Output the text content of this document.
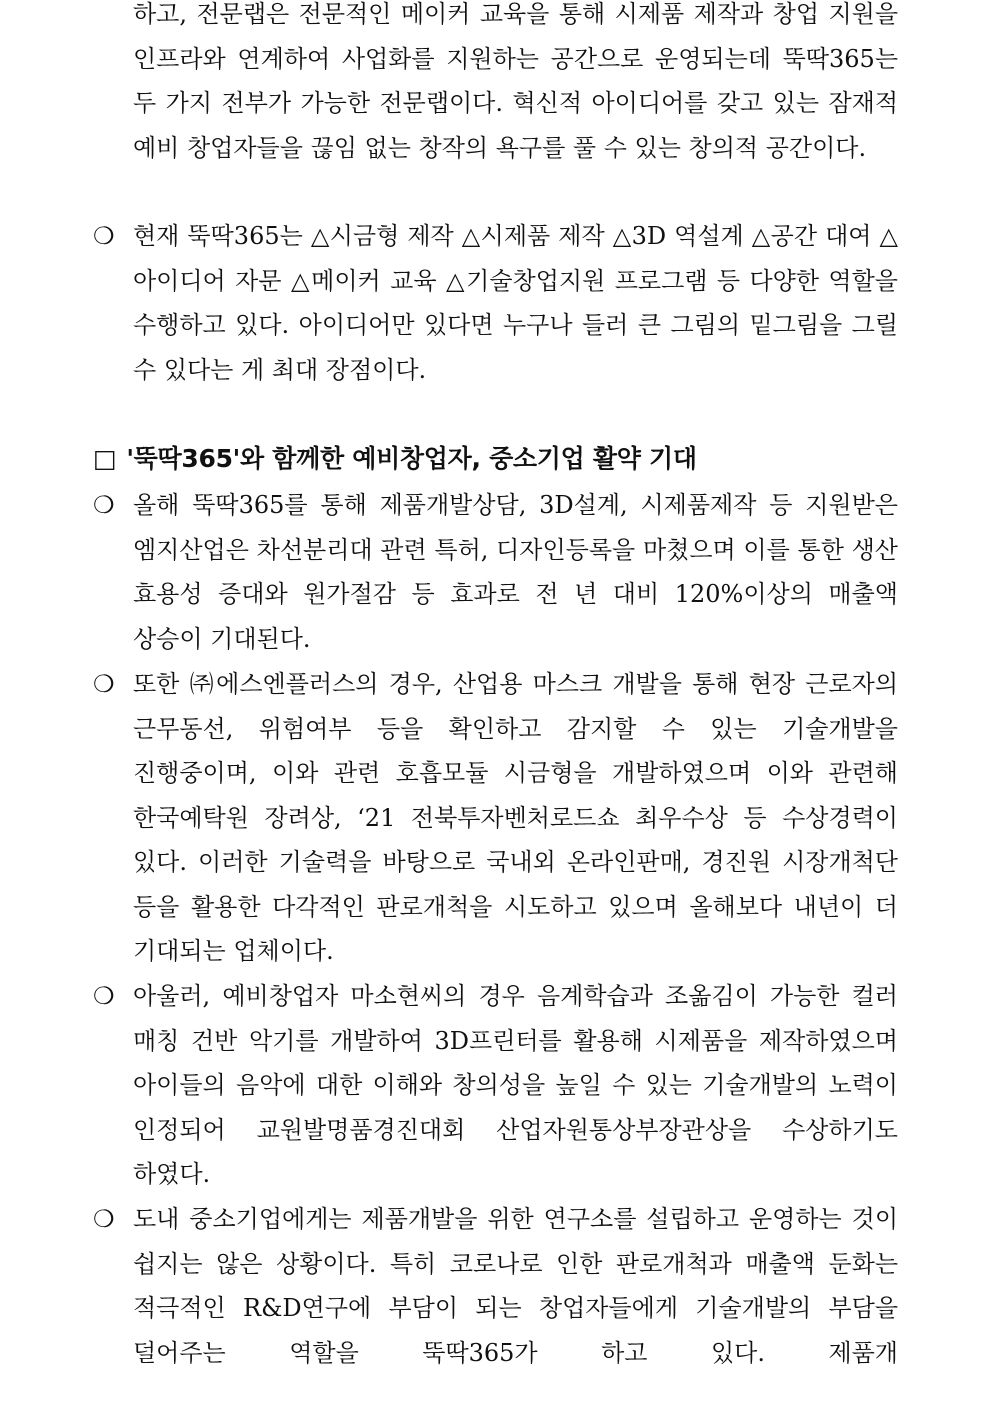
하고, 전문랩은 전문적인 메이커 교육을 통해 시제품 제작과 창업 지원을 인프라와 연계하여 사업화를 지원하는 공간으로 운영되는데 뚝딱365는 두 가지 전부가 가능한 전문랩이다. 혁신적 아이디어를 갖고 있는 잠재적 예비 창업자들을 끊임 없는 창작의 욕구를 풀 수 있는 창의적 공간이다.
❍ 현재 뚝딱365는 △시금형 제작 △시제품 제작 △3D 역설계 △공간 대여 △아이디어 자문 △메이커 교육 △기술창업지원 프로그램 등 다양한 역할을 수행하고 있다. 아이디어만 있다면 누구나 들러 큰 그림의 밑그림을 그릴 수 있다는 게 최대 장점이다.
□ '뚝딱365'와 함께한 예비창업자, 중소기업 활약 기대
❍ 올해 뚝딱365를 통해 제품개발상담, 3D설계, 시제품제작 등 지원받은 엠지산업은 차선분리대 관련 특허, 디자인등록을 마쳤으며 이를 통한 생산 효용성 증대와 원가절감 등 효과로 전 년 대비 120%이상의 매출액 상승이 기대된다.
❍ 또한 ㈜에스엔플러스의 경우, 산업용 마스크 개발을 통해 현장 근로자의 근무동선, 위험여부 등을 확인하고 감지할 수 있는 기술개발을 진행중이며, 이와 관련 호흡모듈 시금형을 개발하였으며 이와 관련해 한국예탁원 장려상, ‘21 전북투자벤처로드쇼 최우수상 등 수상경력이 있다. 이러한 기술력을 바탕으로 국내외 온라인판매, 경진원 시장개척단 등을 활용한 다각적인 판로개척을 시도하고 있으며 올해보다 내년이 더 기대되는 업체이다.
❍ 아울러, 예비창업자 마소현씨의 경우 음계학습과 조옮김이 가능한 컬러 매칭 건반 악기를 개발하여 3D프린터를 활용해 시제품을 제작하였으며 아이들의 음악에 대한 이해와 창의성을 높일 수 있는 기술개발의 노력이 인정되어 교원발명품경진대회 산업자원통상부장관상을 수상하기도 하였다.
❍ 도내 중소기업에게는 제품개발을 위한 연구소를 설립하고 운영하는 것이 쉽지는 않은 상황이다. 특히 코로나로 인한 판로개척과 매출액 둔화는 적극적인 R&D연구에 부담이 되는 창업자들에게 기술개발의 부담을 덜어주는 역할을 뚝딱365가 하고 있다. 제품개
